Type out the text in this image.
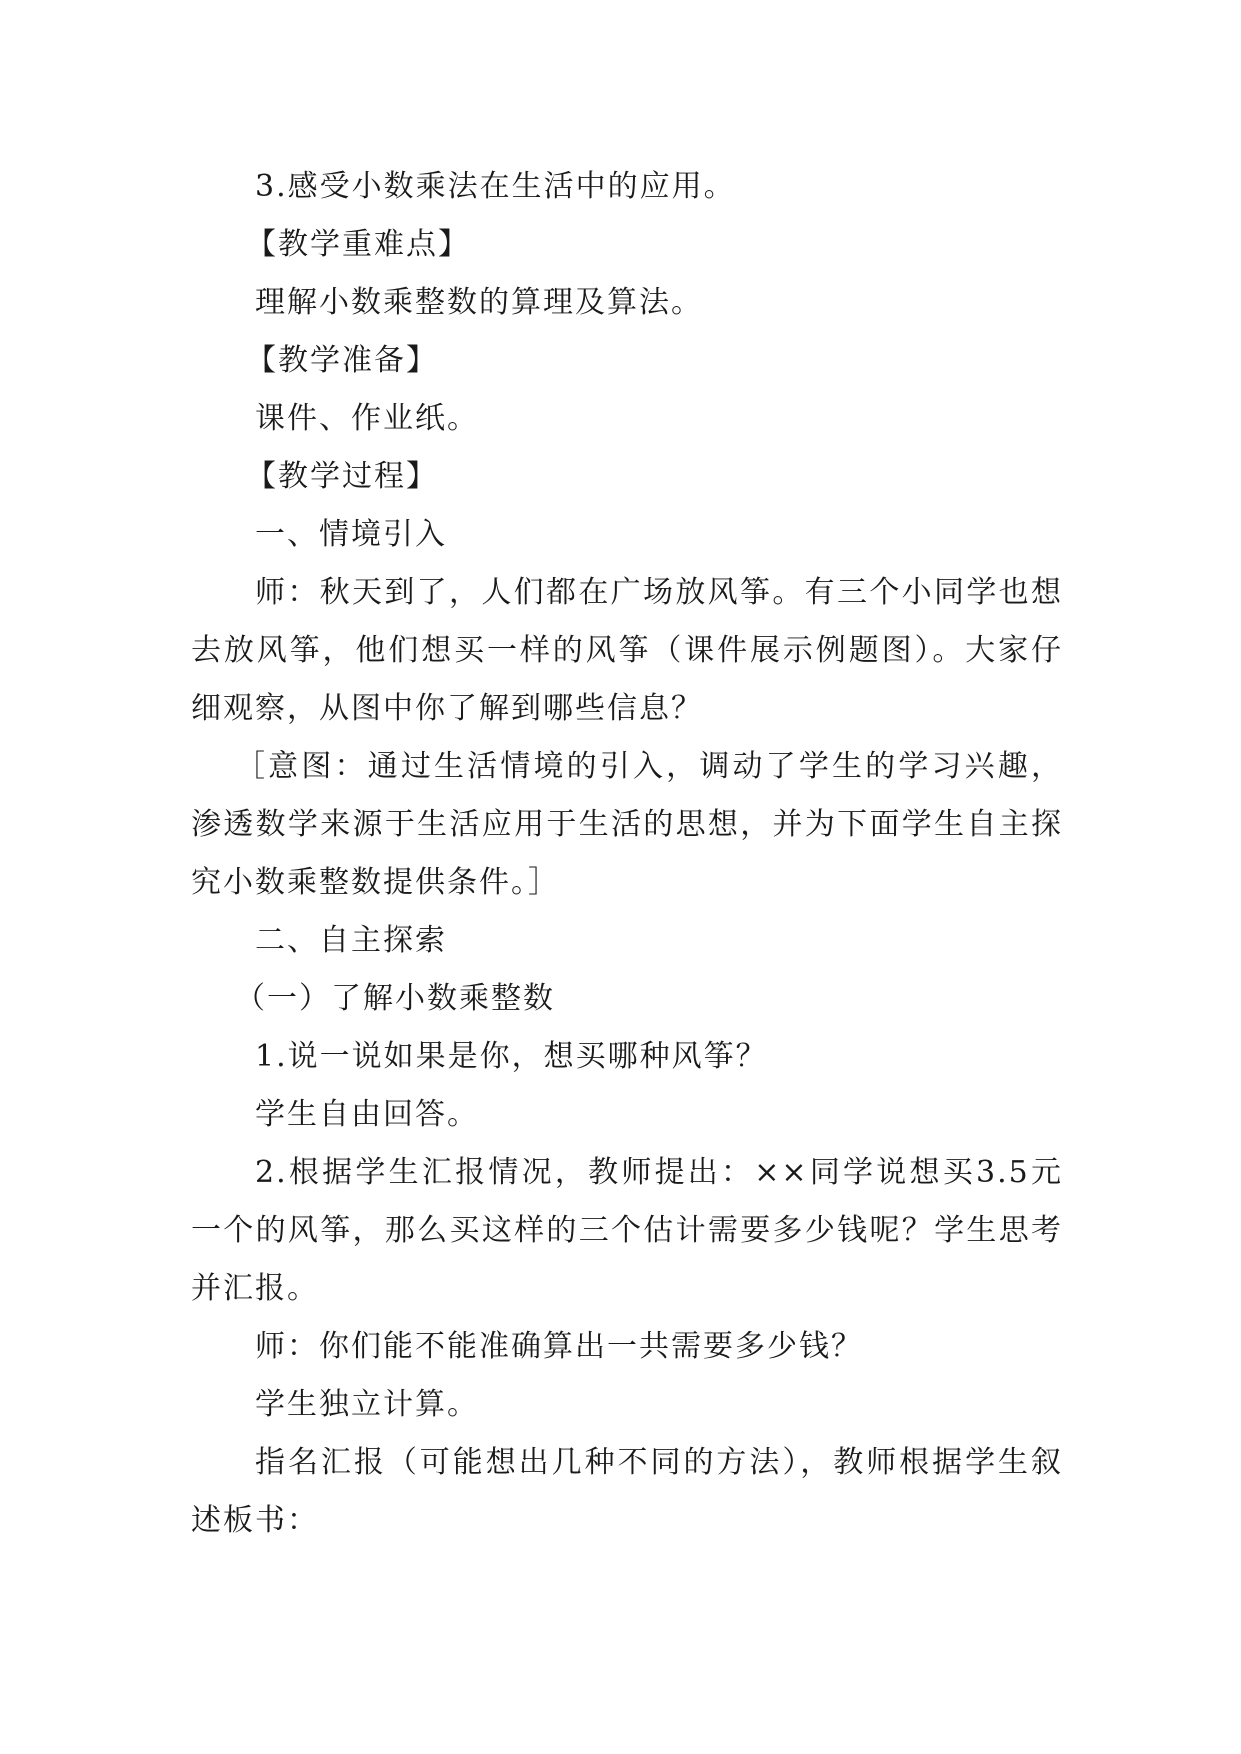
3.感受小数乘法在生活中的应用。

【教学重难点】

理解小数乘整数的算理及算法。

【教学准备】

课件、作业纸。

【教学过程】

一、情境引入

师：秋天到了，人们都在广场放风筝。有三个小同学也想去放风筝，他们想买一样的风筝（课件展示例题图）。大家仔细观察，从图中你了解到哪些信息？

［意图：通过生活情境的引入，调动了学生的学习兴趣，渗透数学来源于生活应用于生活的思想，并为下面学生自主探究小数乘整数提供条件。］

二、自主探索

（一）了解小数乘整数

1.说一说如果是你，想买哪种风筝？

学生自由回答。

2.根据学生汇报情况，教师提出：××同学说想买3.5元一个的风筝，那么买这样的三个估计需要多少钱呢？学生思考并汇报。

师：你们能不能准确算出一共需要多少钱？

学生独立计算。

指名汇报（可能想出几种不同的方法），教师根据学生叙述板书：
